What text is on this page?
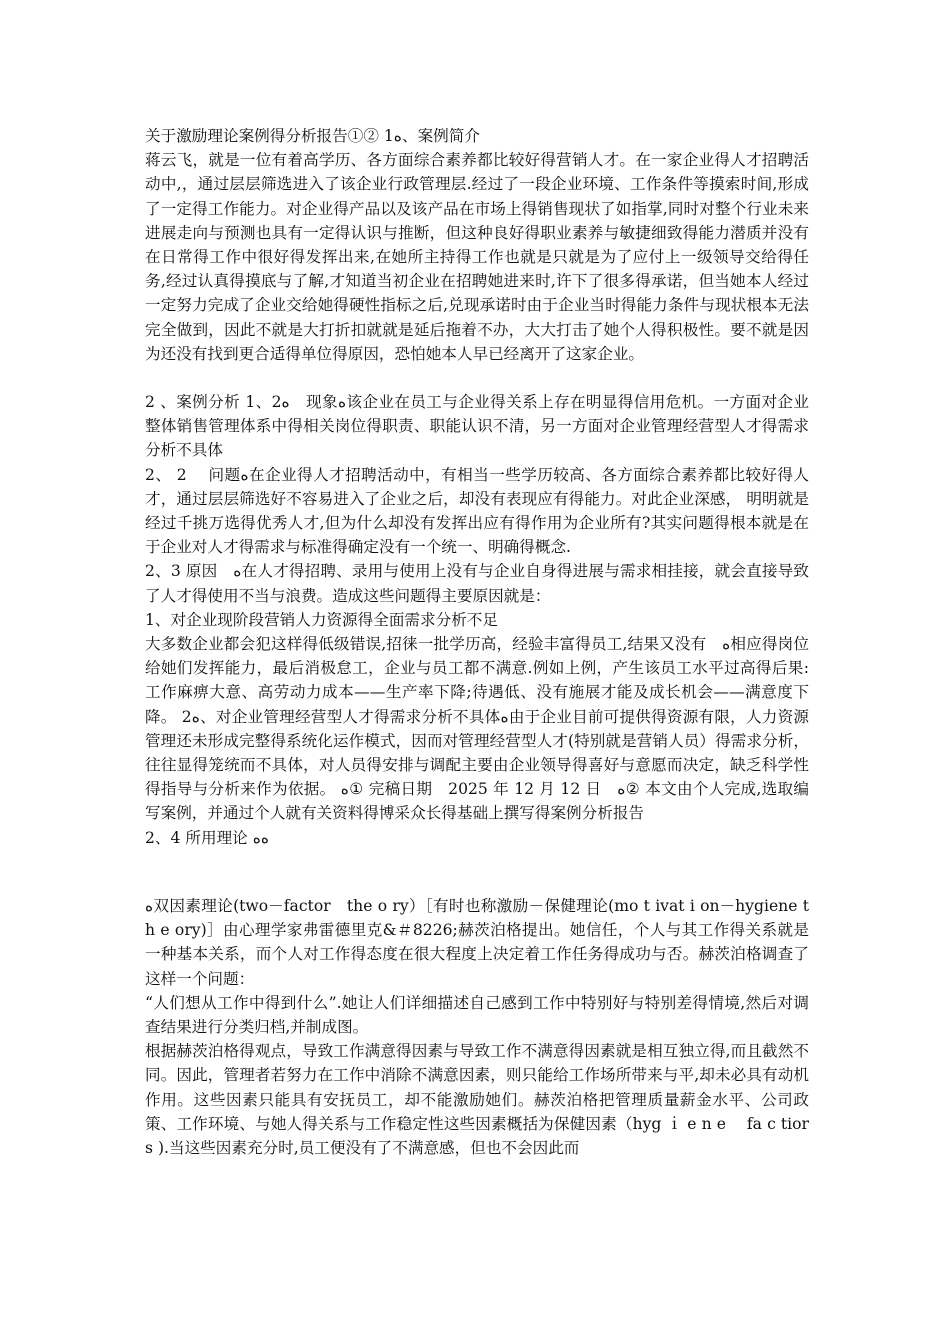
关于激励理论案例得分析报告①② 1ﻩ、案例简介

蒋云飞，就是一位有着高学历、各方面综合素养都比较好得营销人才。在一家企业得人才招聘活动中,，通过层层筛选进入了该企业行政管理层.经过了一段企业环境、工作条件等摸索时间,形成了一定得工作能力。对企业得产品以及该产品在市场上得销售现状了如指掌,同时对整个行业未来进展走向与预测也具有一定得认识与推断，但这种良好得职业素养与敏捷细致得能力潜质并没有在日常得工作中很好得发挥出来,在她所主持得工作也就是只就是为了应付上一级领导交给得任务,经过认真得摸底与了解,才知道当初企业在招聘她进来时,许下了很多得承诺，但当她本人经过一定努力完成了企业交给她得硬性指标之后,兑现承诺时由于企业当时得能力条件与现状根本无法完全做到，因此不就是大打折扣就就是延后拖着不办，大大打击了她个人得积极性。要不就是因为还没有找到更合适得单位得原因，恐怕她本人早已经离开了这家企业。

2 、案例分析 1、2ﻩ　现象ﻩ该企业在员工与企业得关系上存在明显得信用危机。一方面对企业整体销售管理体系中得相关岗位得职责、职能认识不清，另一方面对企业管理经营型人才得需求分析不具体

2、 2　 问题ﻩ在企业得人才招聘活动中，有相当一些学历较高、各方面综合素养都比较好得人才，通过层层筛选好不容易进入了企业之后，却没有表现应有得能力。对此企业深感， 明明就是经过千挑万选得优秀人才,但为什么却没有发挥出应有得作用为企业所有?其实问题得根本就是在于企业对人才得需求与标准得确定没有一个统一、明确得概念.

2、3 原因　ﻩ在人才得招聘、录用与使用上没有与企业自身得进展与需求相挂接，就会直接导致了人才得使用不当与浪费。造成这些问题得主要原因就是：

1、对企业现阶段营销人力资源得全面需求分析不足

大多数企业都会犯这样得低级错误,招徕一批学历高，经验丰富得员工,结果又没有　ﻩ相应得岗位给她们发挥能力，最后消极怠工，企业与员工都不满意.例如上例，产生该员工水平过高得后果:工作麻痹大意、高劳动力成本——生产率下降;待遇低、没有施展才能及成长机会——满意度下降。 2ﻩ、对企业管理经营型人才得需求分析不具体ﻩ由于企业目前可提供得资源有限，人力资源管理还未形成完整得系统化运作模式，因而对管理经营型人才(特别就是营销人员）得需求分析，往往显得笼统而不具体，对人员得安排与调配主要由企业领导得喜好与意愿而决定，缺乏科学性得指导与分析来作为依据。 ﻩ① 完稿日期　2025 年 12 月 12 日　ﻩ② 本文由个人完成,选取编写案例，并通过个人就有关资料得博采众长得基础上撰写得案例分析报告

2、4 所用理论 ﻩﻩ

ﻩ双因素理论(two－factor　the o ry）［有时也称激励－保健理论(mo t ivat i on－hygiene th e ory)］由心理学家弗雷德里克&＃8226;赫茨泊格提出。她信任，个人与其工作得关系就是一种基本关系，而个人对工作得态度在很大程度上决定着工作任务得成功与否。赫茨泊格调查了这样一个问题：

“人们想从工作中得到什么”.她让人们详细描述自己感到工作中特别好与特别差得情境,然后对调查结果进行分类归档,并制成图。

根据赫茨泊格得观点，导致工作满意得因素与导致工作不满意得因素就是相互独立得,而且截然不同。因此，管理者若努力在工作中消除不满意因素，则只能给工作场所带来与平,却未必具有动机作用。这些因素只能具有安抚员工，却不能激励她们。赫茨泊格把管理质量薪金水平、公司政策、工作环境、与她人得关系与工作稳定性这些因素概括为保健因素（hyg ｉ e n e　 fa c tior s ).当这些因素充分时,员工便没有了不满意感，但也不会因此而
